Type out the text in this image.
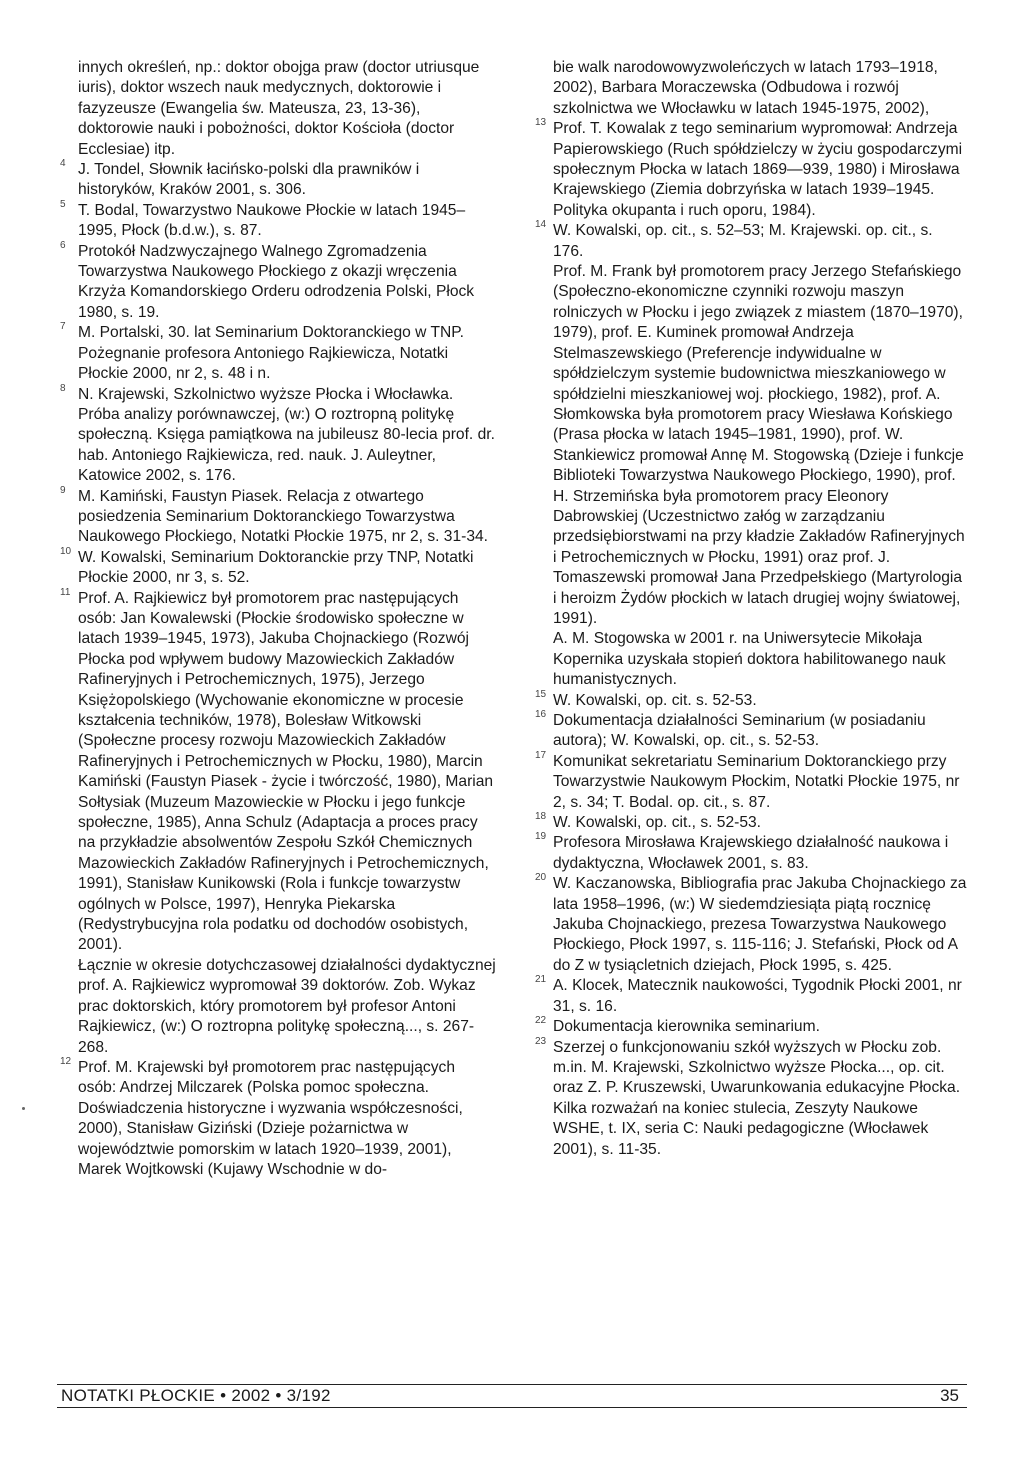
innych określeń, np.: doktor obojga praw (doctor utriusque iuris), doktor wszech nauk medycznych, doktorowie i fazyzeusze (Ewangelia św. Mateusza, 23, 13-36), doktorowie nauki i pobożności, doktor Kościoła (doctor Ecclesiae) itp.

4 J. Tondel, Słownik łacińsko-polski dla prawników i historyków, Kraków 2001, s. 306.
5 T. Bodal, Towarzystwo Naukowe Płockie w latach 1945–1995, Płock (b.d.w.), s. 87.
6 Protokół Nadzwyczajnego Walnego Zgromadzenia Towarzystwa Naukowego Płockiego z okazji wręczenia Krzyża Komandorskiego Orderu odrodzenia Polski, Płock 1980, s. 19.
7 M. Portalski, 30. lat Seminarium Doktoranckiego w TNP. Pożegnanie profesora Antoniego Rajkiewicza, Notatki Płockie 2000, nr 2, s. 48 i n.
8 N. Krajewski, Szkolnictwo wyższe Płocka i Włocławka. Próba analizy porównawczej, (w:) O roztropną politykę społeczną. Księga pamiątkowa na jubileusz 80-lecia prof. dr. hab. Antoniego Rajkiewicza, red. nauk. J. Auleytner, Katowice 2002, s. 176.
9 M. Kamiński, Faustyn Piasek. Relacja z otwartego posiedzenia Seminarium Doktoranckiego Towarzystwa Naukowego Płockiego, Notatki Płockie 1975, nr 2, s. 31-34.
10 W. Kowalski, Seminarium Doktoranckie przy TNP, Notatki Płockie 2000, nr 3, s. 52.
11 Prof. A. Rajkiewicz był promotorem prac następujących osób: Jan Kowalewski (Płockie środowisko społeczne w latach 1939–1945, 1973), Jakuba Chojnackiego (Rozwój Płocka pod wpływem budowy Mazowieckich Zakładów Rafineryjnych i Petrochemicznych, 1975), Jerzego Księżopolskiego (Wychowanie ekonomiczne w procesie kształcenia techników, 1978), Bolesław Witkowski (Społeczne procesy rozwoju Mazowieckich Zakładów Rafineryjnych i Petrochemicznych w Płocku, 1980), Marcin Kamiński (Faustyn Piasek - życie i twórczość, 1980), Marian Sołtysiak (Muzeum Mazowieckie w Płocku i jego funkcje społeczne, 1985), Anna Schulz (Adaptacja a proces pracy na przykładzie absolwentów Zespołu Szkół Chemicznych Mazowieckich Zakładów Rafineryjnych i Petrochemicznych, 1991), Stanisław Kunikowski (Rola i funkcje towarzystw ogólnych w Polsce, 1997), Henryka Piekarska (Redystrybucyjna rola podatku od dochodów osobistych, 2001).
Łącznie w okresie dotychczasowej działalności dydaktycznej prof. A. Rajkiewicz wypromował 39 doktorów. Zob. Wykaz prac doktorskich, który promotorem był profesor Antoni Rajkiewicz, (w:) O roztropna politykę społeczną..., s. 267-268.
12 Prof. M. Krajewski był promotorem prac następujących osób: Andrzej Milczarek (Polska pomoc społeczna. Doświadczenia historyczne i wyzwania współczesności, 2000), Stanisław Giziński (Dzieje pożarnictwa w województwie pomorskim w latach 1920–1939, 2001), Marek Wojtkowski (Kujawy Wschodnie w do-

bie walk narodowowyzwoleńczych w latach 1793–1918, 2002), Barbara Moraczewska (Odbudowa i rozwój szkolnictwa we Włocławku w latach 1945-1975, 2002),

13 Prof. T. Kowalak z tego seminarium wypromował: Andrzeja Papierowskiego (Ruch spółdzielczy w życiu gospodarczymi społecznym Płocka w latach 1869—939, 1980) i Mirosława Krajewskiego (Ziemia dobrzyńska w latach 1939–1945. Polityka okupanta i ruch oporu, 1984).
14 W. Kowalski, op. cit., s. 52–53; M. Krajewski. op. cit., s. 176.
Prof. M. Frank był promotorem pracy Jerzego Stefańskiego (Społeczno-ekonomiczne czynniki rozwoju maszyn rolniczych w Płocku i jego związek z miastem (1870–1970), 1979), prof. E. Kuminek promował Andrzeja Stelmaszewskiego (Preferencje indywidualne w spółdzielczym systemie budownictwa mieszkaniowego w spółdzielni mieszkaniowej woj. płockiego, 1982), prof. A. Słomkowska była promotorem pracy Wiesława Końskiego (Prasa płocka w latach 1945–1981, 1990), prof. W. Stankiewicz promował Annę M. Stogowską (Dzieje i funkcje Biblioteki Towarzystwa Naukowego Płockiego, 1990), prof. H. Strzemińska była promotorem pracy Eleonory Dabrowskiej (Uczestnictwo załóg w zarządzaniu przedsiębiorstwami na przy kładzie Zakładów Rafineryjnych i Petrochemicznych w Płocku, 1991) oraz prof. J. Tomaszewski promował Jana Przedpełskiego (Martyrologia i heroizm Żydów płockich w latach drugiej wojny światowej, 1991).
A. M. Stogowska w 2001 r. na Uniwersytecie Mikołaja Kopernika uzyskała stopień doktora habilitowanego nauk humanistycznych.
15 W. Kowalski, op. cit. s. 52-53.
16 Dokumentacja działalności Seminarium (w posiadaniu autora); W. Kowalski, op. cit., s. 52-53.
17 Komunikat sekretariatu Seminarium Doktoranckiego przy Towarzystwie Naukowym Płockim, Notatki Płockie 1975, nr 2, s. 34; T. Bodal. op. cit., s. 87.
18 W. Kowalski, op. cit., s. 52-53.
19 Profesora Mirosława Krajewskiego działalność naukowa i dydaktyczna, Włocławek 2001, s. 83.
20 W. Kaczanowska, Bibliografia prac Jakuba Chojnackiego za lata 1958–1996, (w:) W siedemdziesiąta piątą rocznicę Jakuba Chojnackiego, prezesa Towarzystwa Naukowego Płockiego, Płock 1997, s. 115-116; J. Stefański, Płock od A do Z w tysiącletnich dziejach, Płock 1995, s. 425.
21 A. Klocek, Matecznik naukowości, Tygodnik Płocki 2001, nr 31, s. 16.
22 Dokumentacja kierownika seminarium.
23 Szerzej o funkcjonowaniu szkół wyższych w Płocku zob. m.in. M. Krajewski, Szkolnictwo wyższe Płocka..., op. cit. oraz Z. P. Kruszewski, Uwarunkowania edukacyjne Płocka. Kilka rozważań na koniec stulecia, Zeszyty Naukowe WSHE, t. IX, seria C: Nauki pedagogiczne (Włocławek 2001), s. 11-35.
NOTATKI PŁOCKIE • 2002 • 3/192	35
